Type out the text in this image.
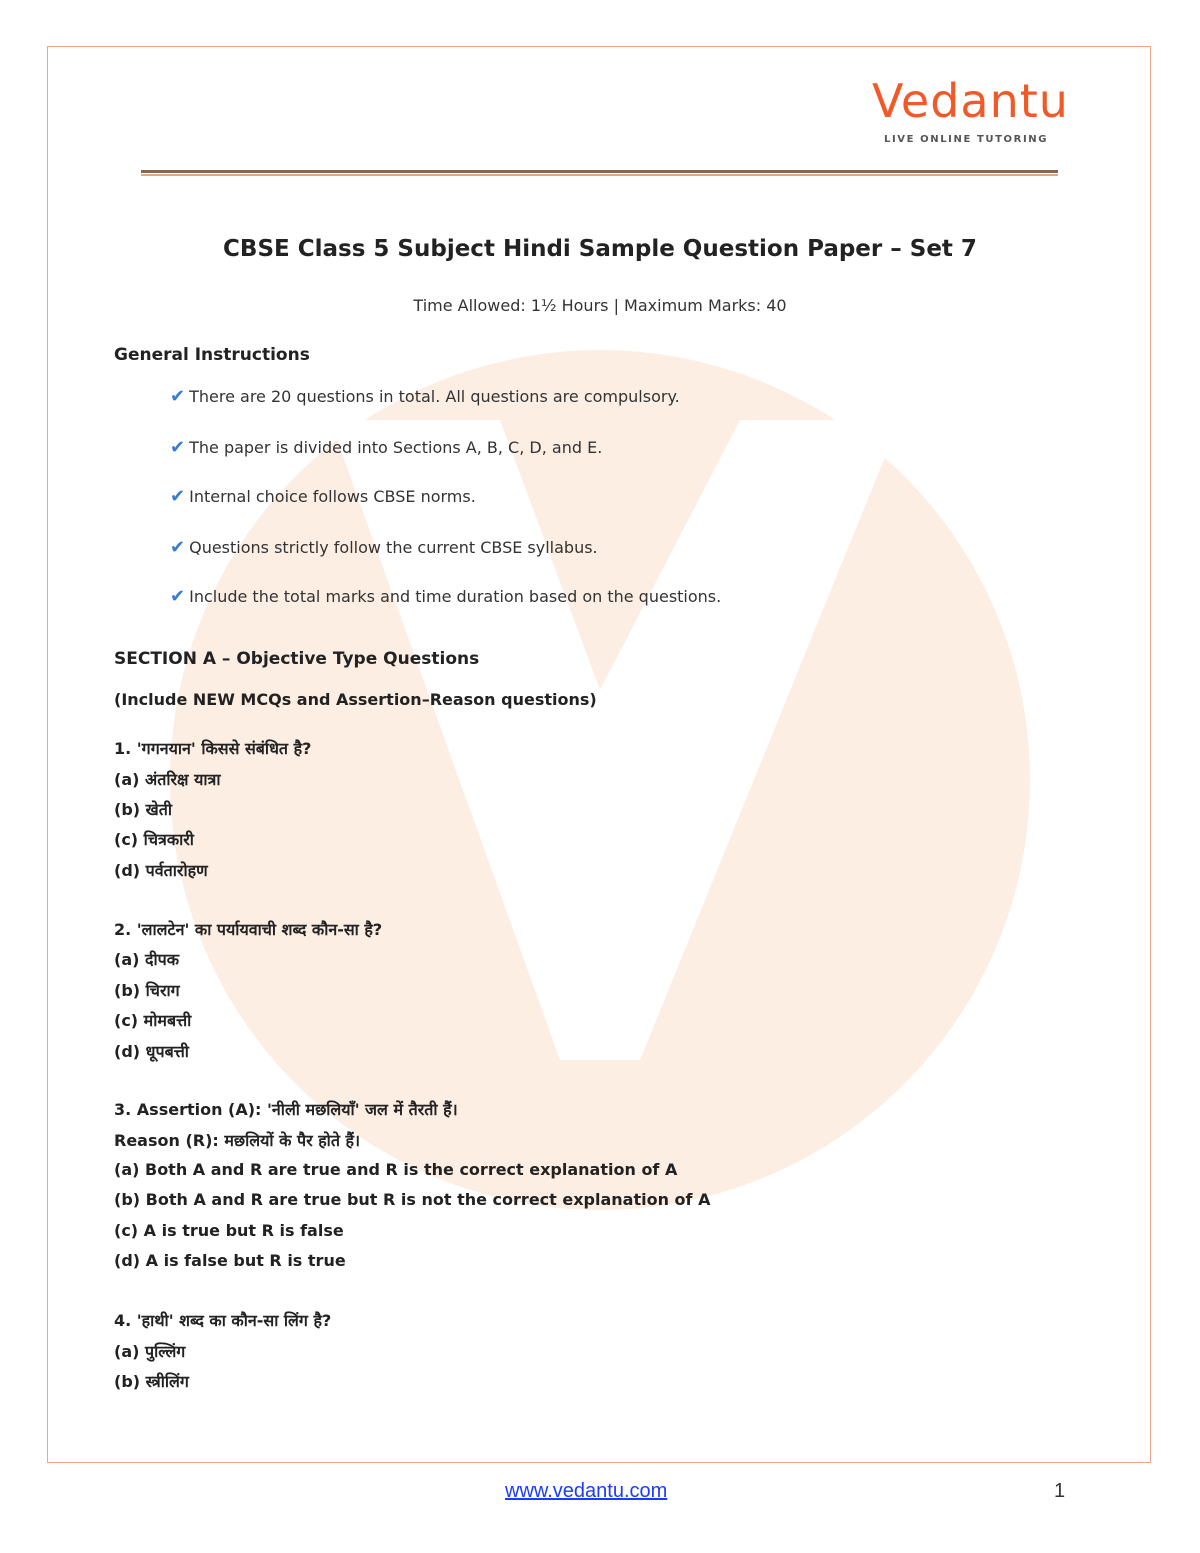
Vedantu
LIVE ONLINE TUTORING
CBSE Class 5 Subject Hindi Sample Question Paper – Set 7
Time Allowed: 1½ Hours | Maximum Marks: 40
General Instructions
✔ There are 20 questions in total. All questions are compulsory.
✔ The paper is divided into Sections A, B, C, D, and E.
✔ Internal choice follows CBSE norms.
✔ Questions strictly follow the current CBSE syllabus.
✔ Include the total marks and time duration based on the questions.
SECTION A – Objective Type Questions
(Include NEW MCQs and Assertion–Reason questions)
1. 'गगनयान' किससे संबंधित है?
(a) अंतरिक्ष यात्रा
(b) खेती
(c) चित्रकारी
(d) पर्वतारोहण
2. 'लालटेन' का पर्यायवाची शब्द कौन-सा है?
(a) दीपक
(b) चिराग
(c) मोमबत्ती
(d) धूपबत्ती
3. Assertion (A): 'नीली मछलियाँ' जल में तैरती हैं।
Reason (R): मछलियों के पैर होते हैं।
(a) Both A and R are true and R is the correct explanation of A
(b) Both A and R are true but R is not the correct explanation of A
(c) A is true but R is false
(d) A is false but R is true
4. 'हाथी' शब्द का कौन-सा लिंग है?
(a) पुल्लिंग
(b) स्त्रीलिंग
www.vedantu.com	1
